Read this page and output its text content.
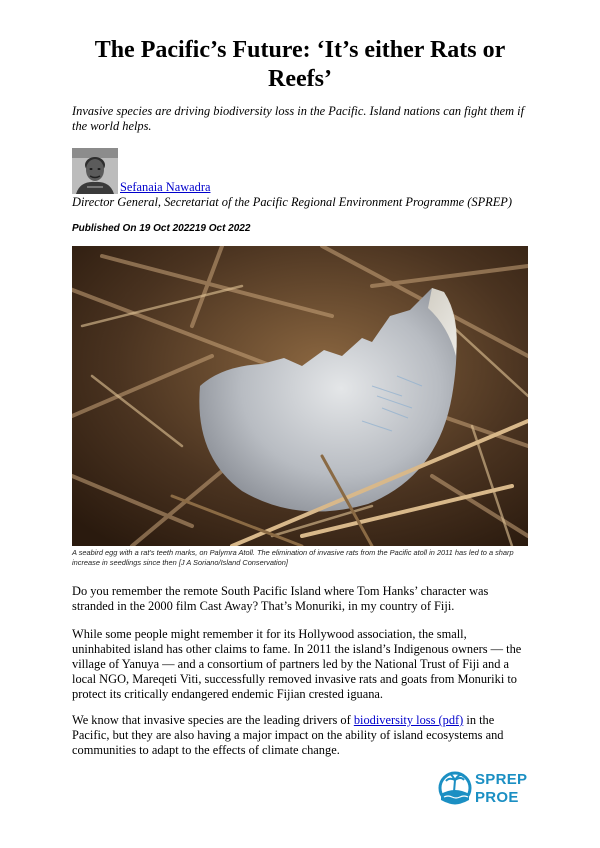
The Pacific’s Future: ‘It’s either Rats or Reefs’
Invasive species are driving biodiversity loss in the Pacific. Island nations can fight them if the world helps.
Sefanaia Nawadra
Director General, Secretariat of the Pacific Regional Environment Programme (SPREP)
Published On 19 Oct 202219 Oct 2022
A seabird egg with a rat’s teeth marks, on Palymra Atoll. The elimination of invasive rats from the Pacific atoll in 2011 has led to a sharp increase in seedlings since then [J A Soriano/Island Conservation]

Do you remember the remote South Pacific Island where Tom Hanks’ character was stranded in the 2000 film Cast Away? That’s Monuriki, in my country of Fiji.

While some people might remember it for its Hollywood association, the small, uninhabited island has other claims to fame. In 2011 the island’s Indigenous owners — the village of Yanuya — and a consortium of partners led by the National Trust of Fiji and a local NGO, Mareqeti Viti, successfully removed invasive rats and goats from Monuriki to protect its critically endangered endemic Fijian crested iguana.

We know that invasive species are the leading drivers of biodiversity loss (pdf) in the Pacific, but they are also having a major impact on the ability of island ecosystems and communities to adapt to the effects of climate change.

SPREP
PROE
